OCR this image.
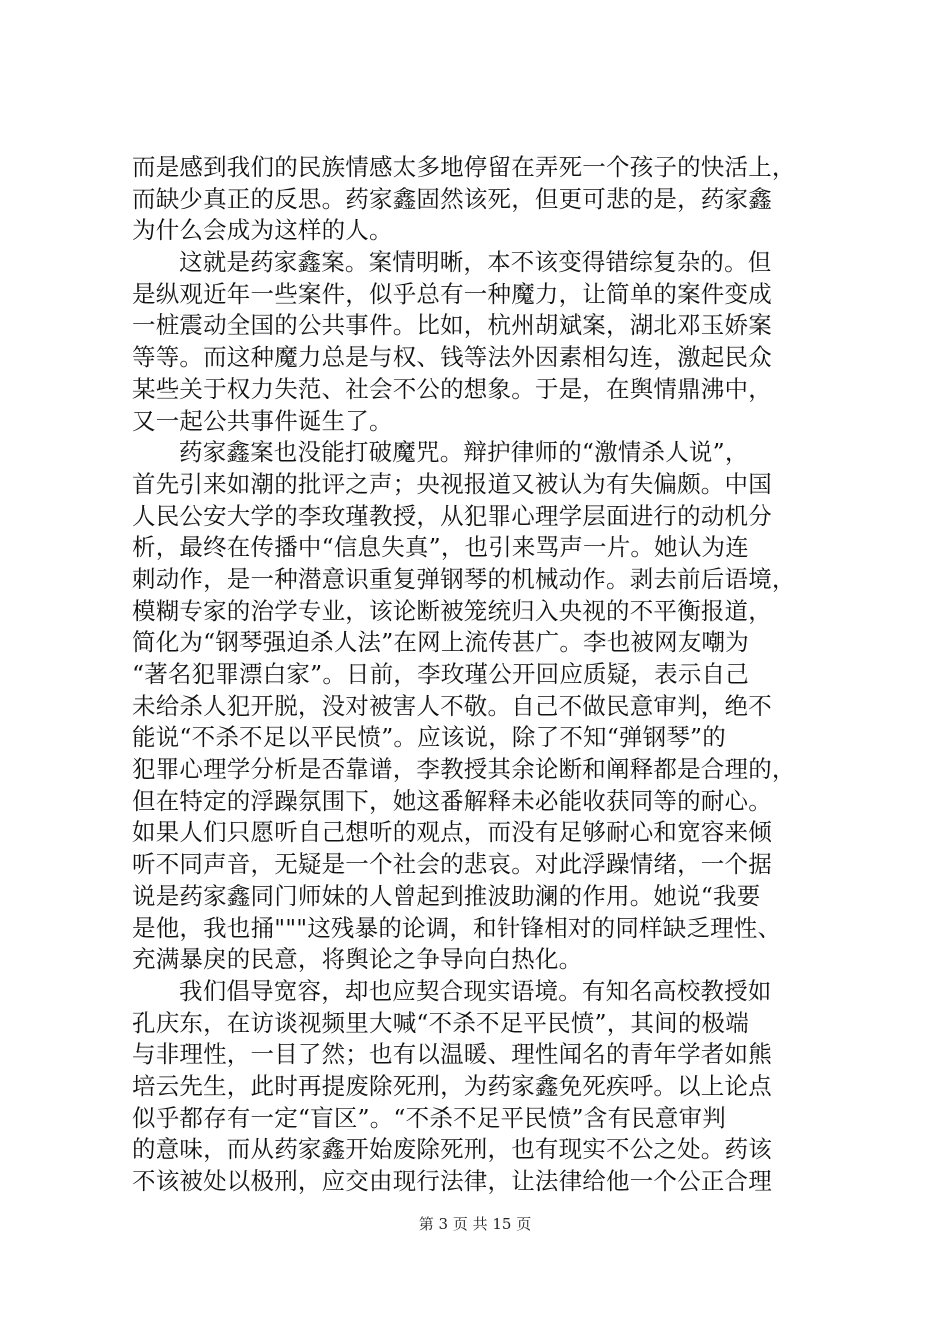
而是感到我们的民族情感太多地停留在弄死一个孩子的快活上，
而缺少真正的反思。药家鑫固然该死，但更可悲的是，药家鑫
为什么会成为这样的人。
这就是药家鑫案。案情明晰，本不该变得错综复杂的。但
是纵观近年一些案件，似乎总有一种魔力，让简单的案件变成
一桩震动全国的公共事件。比如，杭州胡斌案，湖北邓玉娇案
等等。而这种魔力总是与权、钱等法外因素相勾连，激起民众
某些关于权力失范、社会不公的想象。于是，在舆情鼎沸中，
又一起公共事件诞生了。
药家鑫案也没能打破魔咒。辩护律师的“激情杀人说”，
首先引来如潮的批评之声；央视报道又被认为有失偏颇。中国
人民公安大学的李玫瑾教授，从犯罪心理学层面进行的动机分
析，最终在传播中“信息失真”，也引来骂声一片。她认为连
刺动作，是一种潜意识重复弹钢琴的机械动作。剥去前后语境，
模糊专家的治学专业，该论断被笼统归入央视的不平衡报道，
简化为“钢琴强迫杀人法”在网上流传甚广。李也被网友嘲为
“著名犯罪漂白家”。日前，李玫瑾公开回应质疑，表示自己
未给杀人犯开脱，没对被害人不敬。自己不做民意审判，绝不
能说“不杀不足以平民愤”。应该说，除了不知“弹钢琴”的
犯罪心理学分析是否靠谱，李教授其余论断和阐释都是合理的，
但在特定的浮躁氛围下，她这番解释未必能收获同等的耐心。
如果人们只愿听自己想听的观点，而没有足够耐心和宽容来倾
听不同声音，无疑是一个社会的悲哀。对此浮躁情绪，一个据
说是药家鑫同门师妹的人曾起到推波助澜的作用。她说“我要
是他，我也捅"""这残暴的论调，和针锋相对的同样缺乏理性、
充满暴戾的民意，将舆论之争导向白热化。
我们倡导宽容，却也应契合现实语境。有知名高校教授如
孔庆东，在访谈视频里大喊“不杀不足平民愤”，其间的极端
与非理性，一目了然；也有以温暖、理性闻名的青年学者如熊
培云先生，此时再提废除死刑，为药家鑫免死疾呼。以上论点
似乎都存有一定“盲区”。“不杀不足平民愤”含有民意审判
的意味，而从药家鑫开始废除死刑，也有现实不公之处。药该
不该被处以极刑，应交由现行法律，让法律给他一个公正合理
第 3 页 共 15 页
